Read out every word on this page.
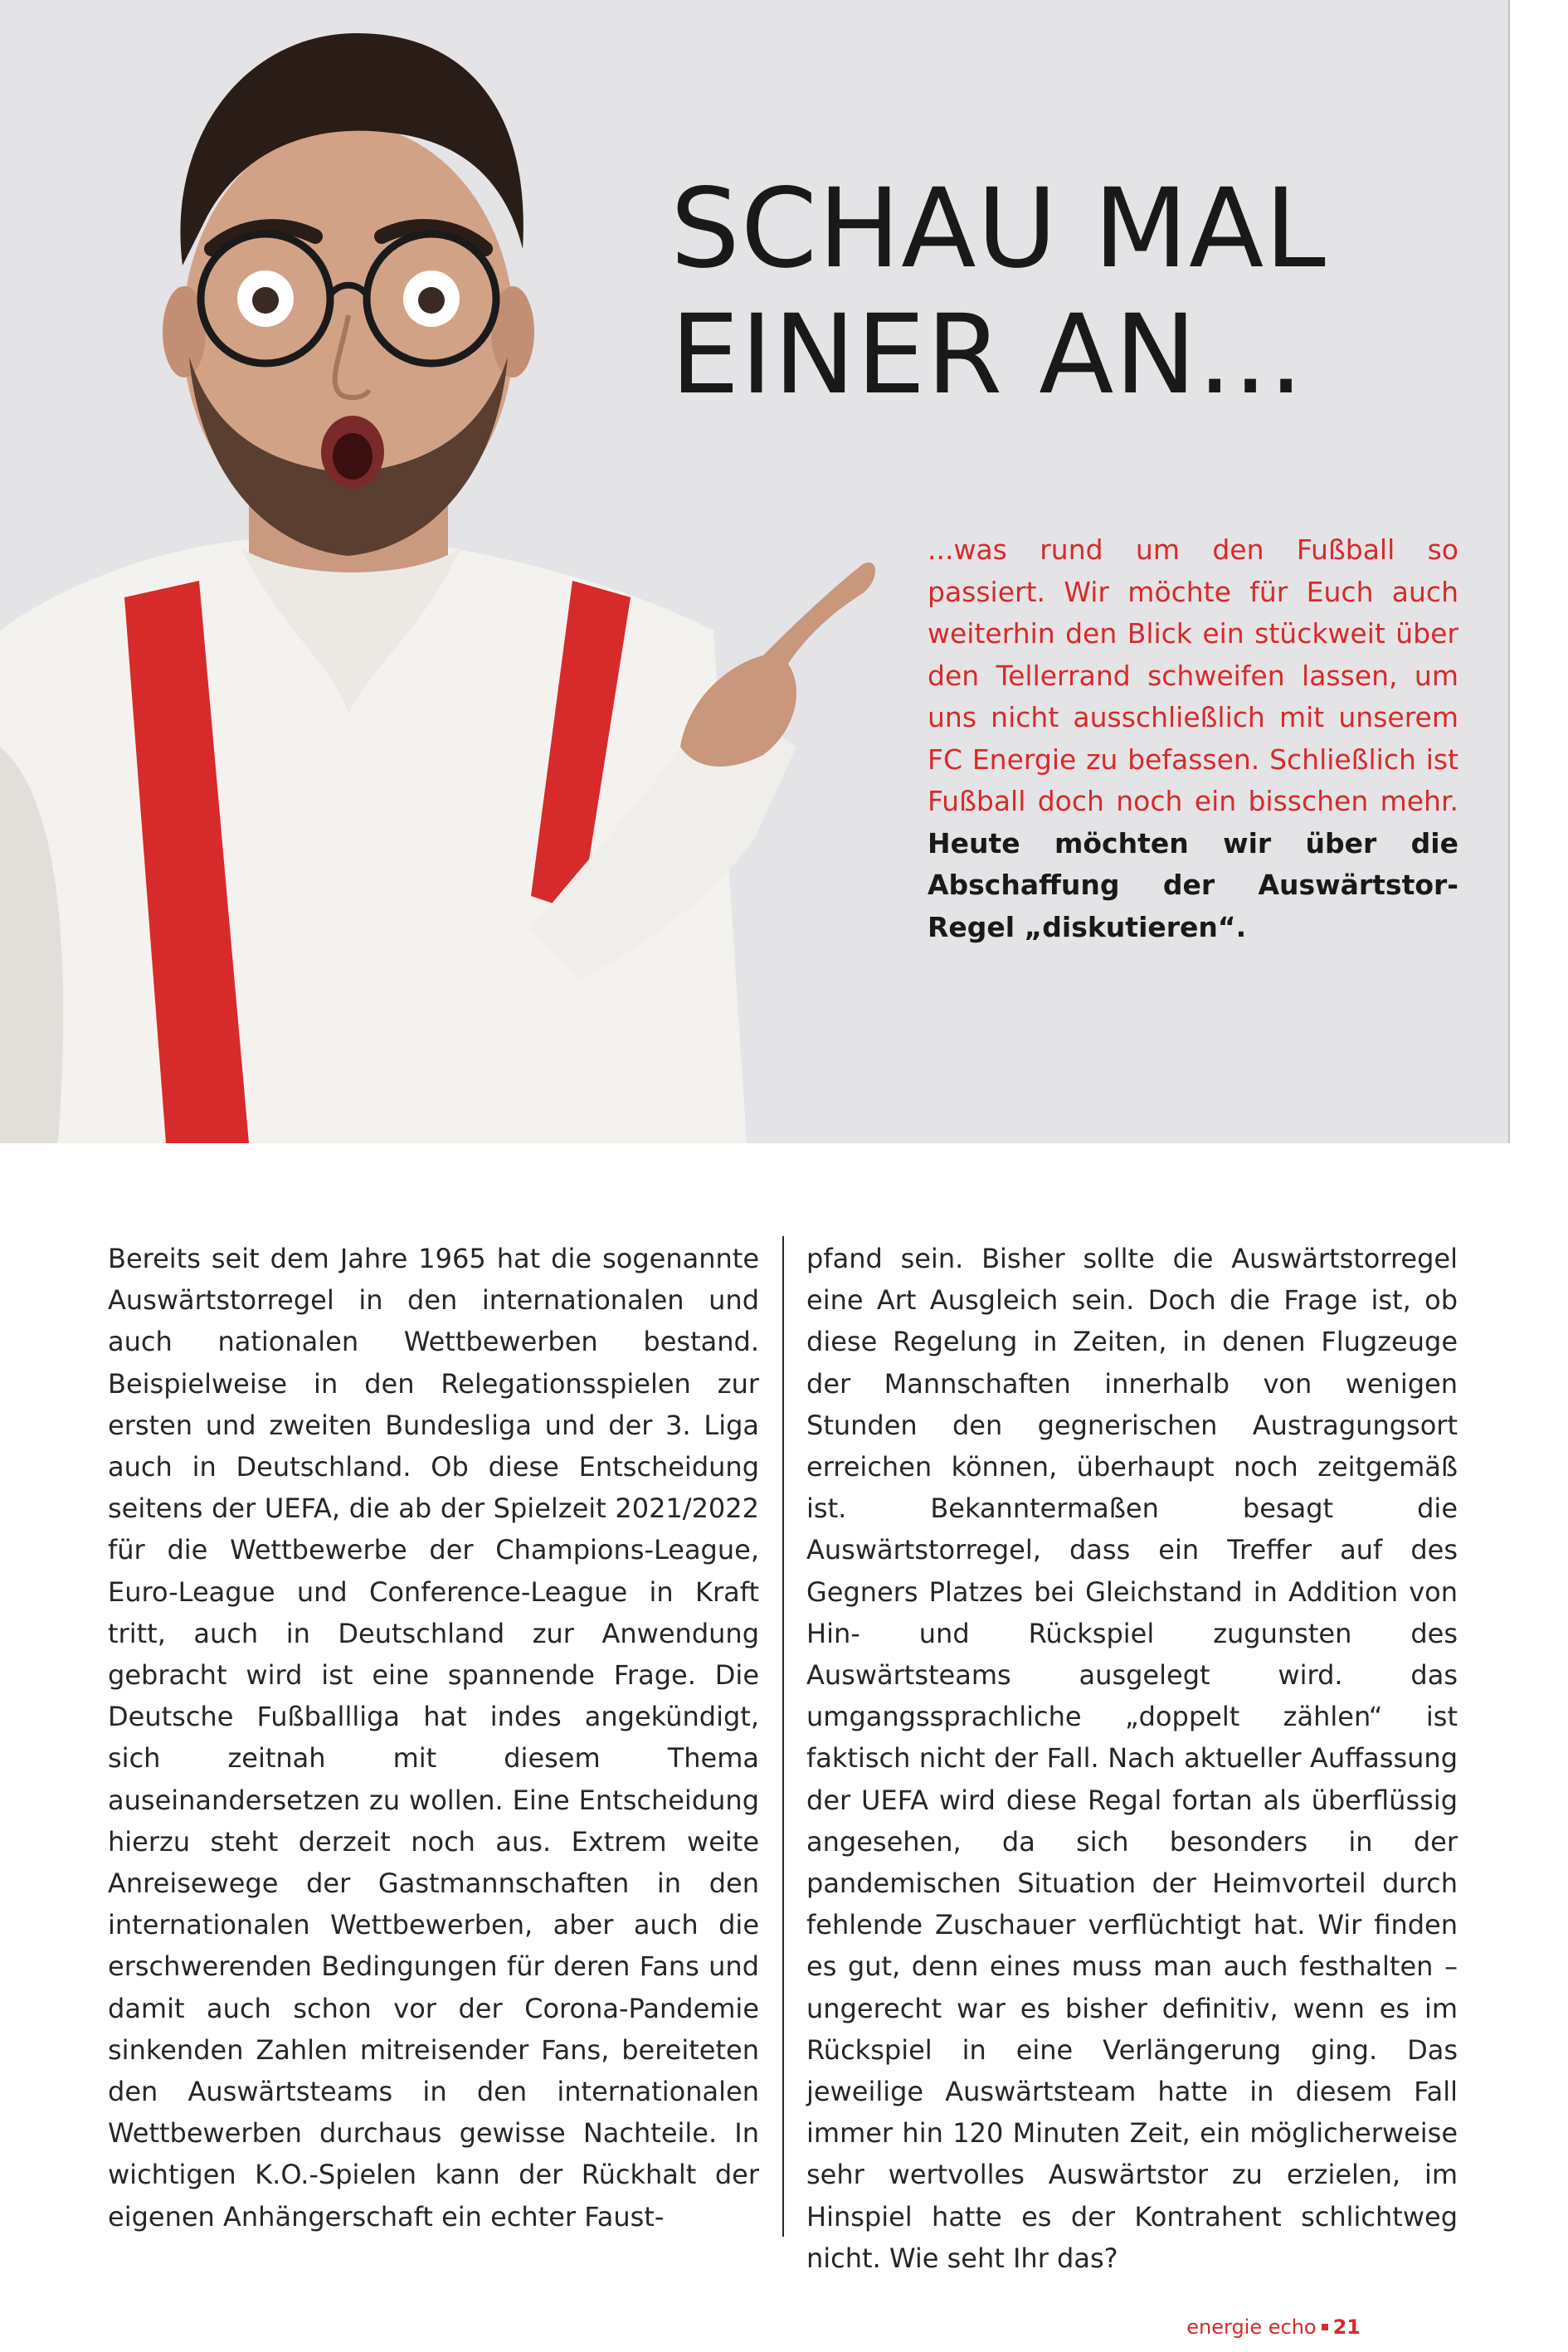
SCHAU MAL
EINER AN...

...was rund um den Fußball so passiert. Wir möchte für Euch auch weiterhin den Blick ein stückweit über den Tellerrand schweifen lassen, um uns nicht ausschließlich mit unserem FC Energie zu befassen. Schließlich ist Fußball doch noch ein bisschen mehr. Heute möchten wir über die Abschaffung der Auswärtstor-Regel „diskutieren“.

Bereits seit dem Jahre 1965 hat die sogenannte Auswärtstorregel in den internationalen und auch nationalen Wettbewerben bestand. Beispielweise in den Relegationsspielen zur ersten und zweiten Bundesliga und der 3. Liga auch in Deutschland. Ob diese Entscheidung seitens der UEFA, die ab der Spielzeit 2021/2022 für die Wettbewerbe der Champions-League, Euro-League und Conference-League in Kraft tritt, auch in Deutschland zur Anwendung gebracht wird ist eine spannende Frage. Die Deutsche Fußballliga hat indes angekündigt, sich zeitnah mit diesem Thema auseinandersetzen zu wollen. Eine Entscheidung hierzu steht derzeit noch aus. Extrem weite Anreisewege der Gastmannschaften in den internationalen Wettbewerben, aber auch die erschwerenden Bedingungen für deren Fans und damit auch schon vor der Corona-Pandemie sinkenden Zahlen mitreisender Fans, bereiteten den Auswärtsteams in den internationalen Wettbewerben durchaus gewisse Nachteile. In wichtigen K.O.-Spielen kann der Rückhalt der eigenen Anhängerschaft ein echter Faust-

pfand sein. Bisher sollte die Auswärtstorregel eine Art Ausgleich sein. Doch die Frage ist, ob diese Regelung in Zeiten, in denen Flugzeuge der Mannschaften innerhalb von wenigen Stunden den gegnerischen Austragungsort erreichen können, überhaupt noch zeitgemäß ist. Bekanntermaßen besagt die Auswärtstorregel, dass ein Treffer auf des Gegners Platzes bei Gleichstand in Addition von Hin- und Rückspiel zugunsten des Auswärtsteams ausgelegt wird. das umgangssprachliche „doppelt zählen“ ist faktisch nicht der Fall. Nach aktueller Auffassung der UEFA wird diese Regal fortan als überflüssig angesehen, da sich besonders in der pandemischen Situation der Heimvorteil durch fehlende Zuschauer verflüchtigt hat. Wir finden es gut, denn eines muss man auch festhalten – ungerecht war es bisher definitiv, wenn es im Rückspiel in eine Verlängerung ging. Das jeweilige Auswärtsteam hatte in diesem Fall immer hin 120 Minuten Zeit, ein möglicherweise sehr wertvolles Auswärtstor zu erzielen, im Hinspiel hatte es der Kontrahent schlichtweg nicht. Wie seht Ihr das?

energie echo 21
